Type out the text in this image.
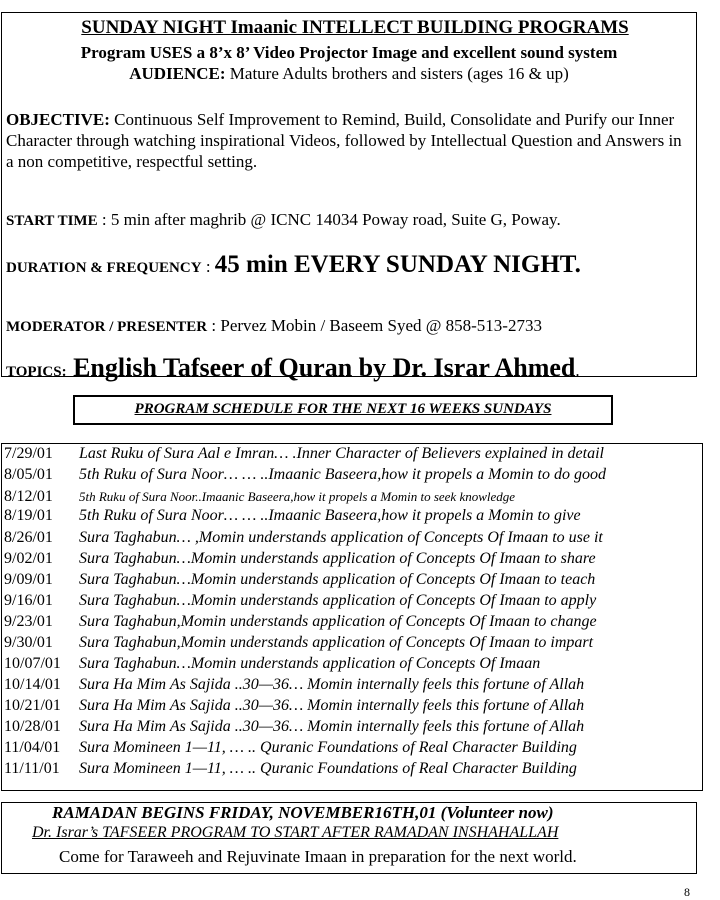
SUNDAY NIGHT Imaanic INTELLECT BUILDING PROGRAMS
Program USES a 8’x 8’ Video Projector Image and excellent sound system
AUDIENCE: Mature Adults brothers and sisters (ages 16 & up)
OBJECTIVE: Continuous Self Improvement to Remind, Build, Consolidate and Purify our Inner Character through watching inspirational Videos, followed by Intellectual Question and Answers in a non competitive, respectful setting.
START TIME : 5 min after maghrib @ ICNC 14034 Poway road, Suite G, Poway.
DURATION & FREQUENCY : 45 min EVERY SUNDAY NIGHT.
MODERATOR / PRESENTER : Pervez Mobin / Baseem Syed @ 858-513-2733
TOPICS: English Tafseer of Quran by Dr. Israr Ahmed.
PROGRAM SCHEDULE FOR THE NEXT 16 WEEKS SUNDAYS
7/29/01 Last Ruku of Sura Aal e Imran… .Inner Character of Believers explained in detail
8/05/01 5th Ruku of Sura Noor… … ..Imaanic Baseera,how it propels a Momin to do good
8/12/01 5th Ruku of Sura Noor..Imaanic Baseera,how it propels a Momin to seek knowledge
8/19/01 5th Ruku of Sura Noor… … ..Imaanic Baseera,how it propels a Momin to give
8/26/01 Sura Taghabun… ,Momin understands application of Concepts Of Imaan to use it
9/02/01 Sura Taghabun…Momin understands application of Concepts Of Imaan to share
9/09/01 Sura Taghabun…Momin understands application of Concepts Of Imaan to teach
9/16/01 Sura Taghabun…Momin understands application of Concepts Of Imaan to apply
9/23/01 Sura Taghabun,Momin understands application of Concepts Of Imaan to change
9/30/01 Sura Taghabun,Momin understands application of Concepts Of Imaan to impart
10/07/01 Sura Taghabun…Momin understands application of Concepts Of Imaan
10/14/01 Sura Ha Mim As Sajida ..30—36… Momin internally feels this fortune of Allah
10/21/01 Sura Ha Mim As Sajida ..30—36… Momin internally feels this fortune of Allah
10/28/01 Sura Ha Mim As Sajida ..30—36… Momin internally feels this fortune of Allah
11/04/01 Sura Momineen 1—11, … .. Quranic Foundations of Real Character Building
11/11/01 Sura Momineen 1—11, … .. Quranic Foundations of Real Character Building
RAMADAN BEGINS FRIDAY, NOVEMBER16TH,01 (Volunteer now)
Dr. Israr’s TAFSEER PROGRAM TO START AFTER RAMADAN INSHAHALLAH
Come for Taraweeh and Rejuvinate Imaan in preparation for the next world.
8
